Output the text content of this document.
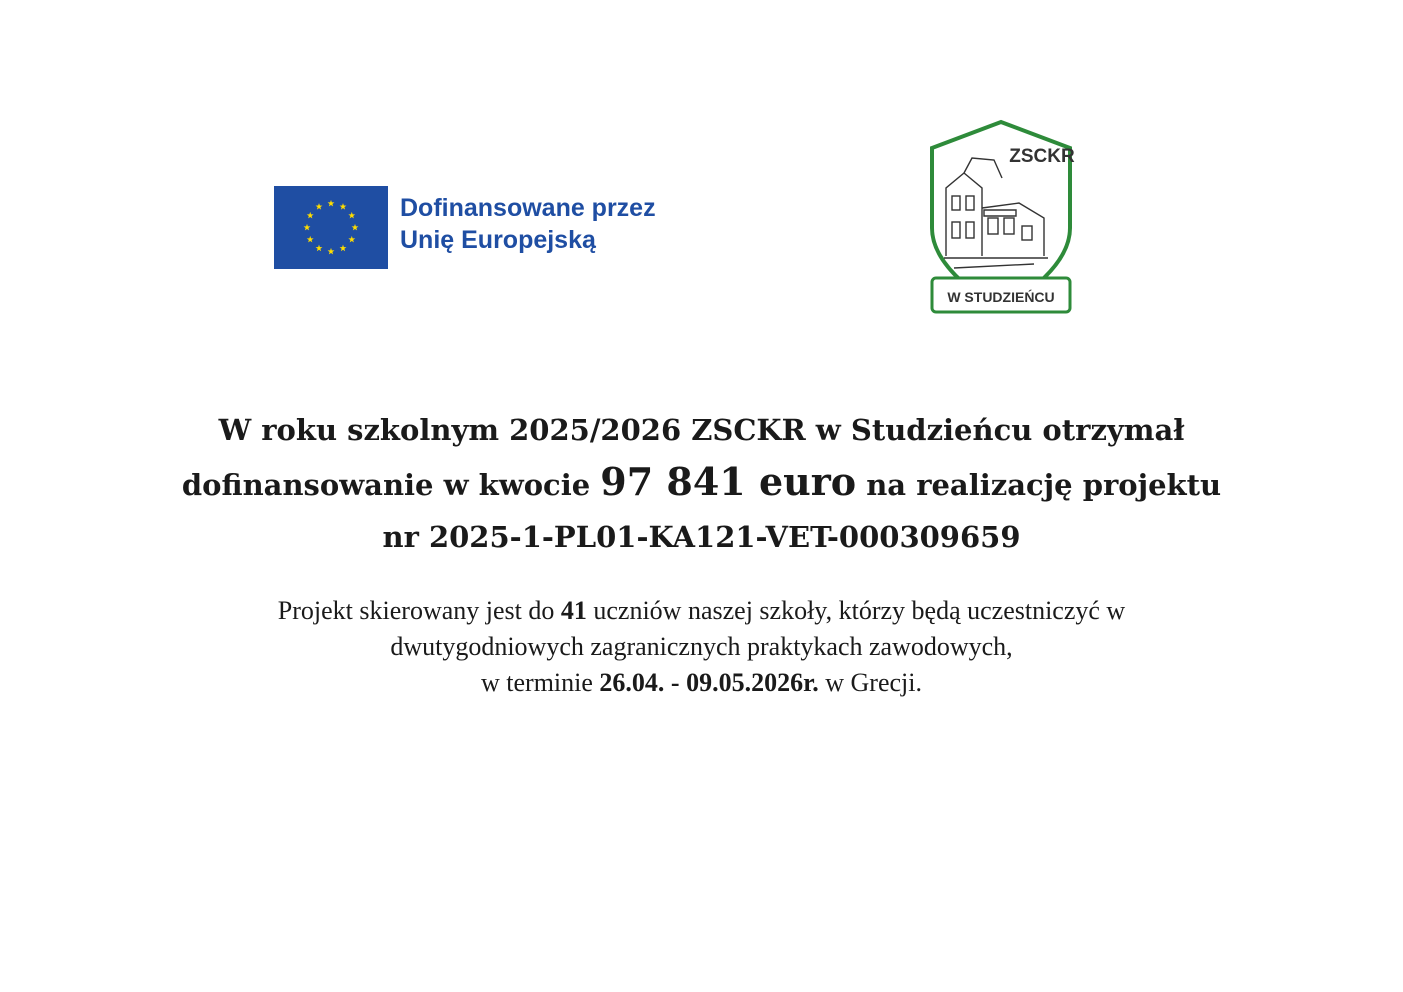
Dofinansowane przez
Unię Europejską
ZSCKR
W STUDZIEŃCU
W roku szkolnym 2025/2026 ZSCKR w Studzieńcu otrzymał
dofinansowanie w kwocie 97 841 euro na realizację projektu
nr 2025-1-PL01-KA121-VET-000309659
Projekt skierowany jest do 41 uczniów naszej szkoły, którzy będą uczestniczyć w
dwutygodniowych zagranicznych praktykach zawodowych,
w terminie 26.04. - 09.05.2026r. w Grecji.
